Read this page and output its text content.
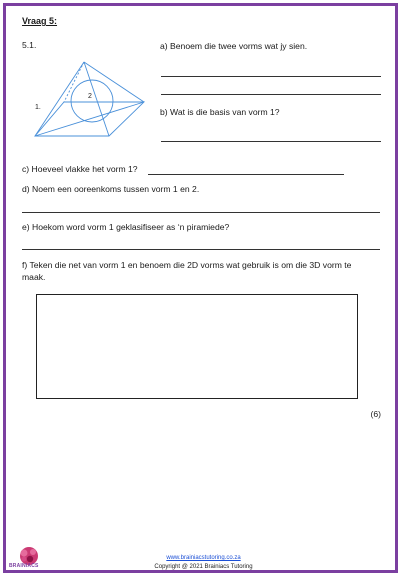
Vraag 5:
5.1.
1.
2
a) Benoem die twee vorms wat jy sien.
b) Wat is die basis van vorm 1?
c) Hoeveel vlakke het vorm 1?
d) Noem een ooreenkoms tussen vorm 1 en 2.
e) Hoekom word vorm 1 geklasifiseer as ‘n piramiede?
f) Teken die net van vorm 1 en benoem die 2D vorms wat gebruik is om die 3D vorm te
maak.
(6)
BRAINIACS
TUTORING
www.brainiacstutoring.co.za
Copyright @ 2021 Brainiacs Tutoring
